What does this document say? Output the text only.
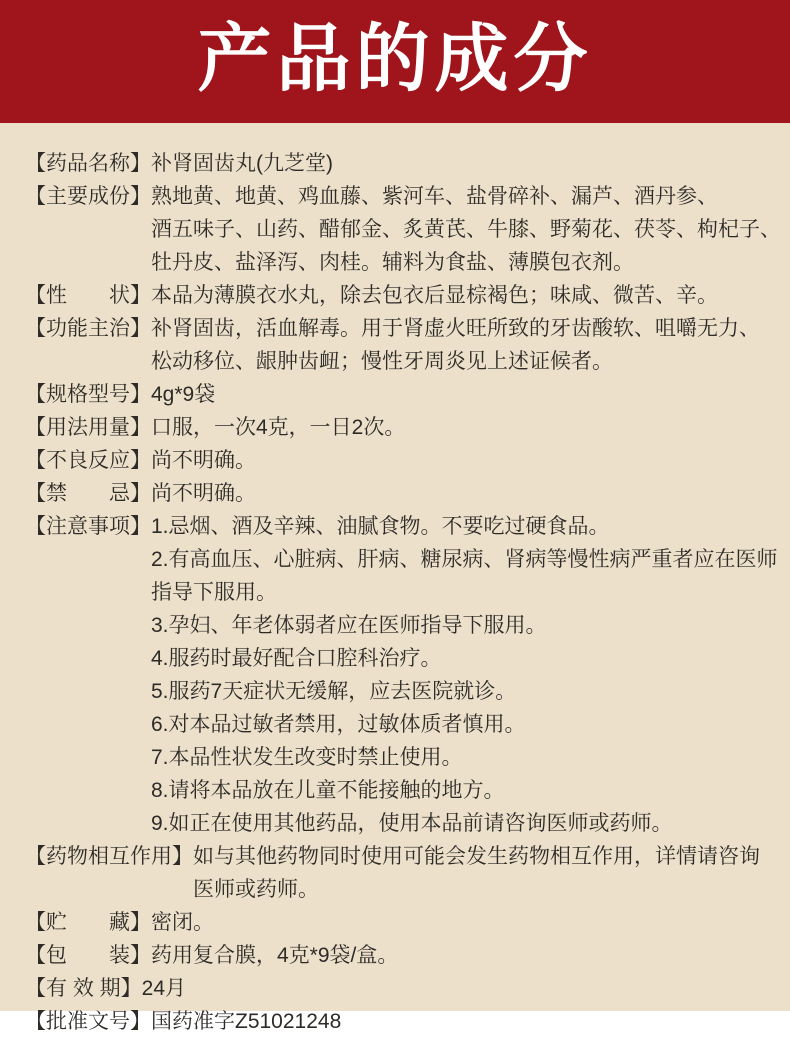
产品的成分
【药品名称】 补肾固齿丸(九芝堂)
【主要成份】 熟地黄、地黄、鸡血藤、紫河车、盐骨碎补、漏芦、酒丹参、
酒五味子、山药、醋郁金、炙黄芪、牛膝、野菊花、茯苓、枸杞子、
牡丹皮、盐泽泻、肉桂。辅料为食盐、薄膜包衣剂。
【性　　状】 本品为薄膜衣水丸，除去包衣后显棕褐色；味咸、微苦、辛。
【功能主治】 补肾固齿，活血解毒。用于肾虚火旺所致的牙齿酸软、咀嚼无力、
松动移位、龈肿齿衄；慢性牙周炎见上述证候者。
【规格型号】 4g*9袋
【用法用量】 口服，一次4克，一日2次。
【不良反应】 尚不明确。
【禁　　忌】 尚不明确。
【注意事项】 1.忌烟、酒及辛辣、油腻食物。不要吃过硬食品。
2.有高血压、心脏病、肝病、糖尿病、肾病等慢性病严重者应在医师
指导下服用。
3.孕妇、年老体弱者应在医师指导下服用。
4.服药时最好配合口腔科治疗。
5.服药7天症状无缓解，应去医院就诊。
6.对本品过敏者禁用，过敏体质者慎用。
7.本品性状发生改变时禁止使用。
8.请将本品放在儿童不能接触的地方。
9.如正在使用其他药品，使用本品前请咨询医师或药师。
【药物相互作用】 如与其他药物同时使用可能会发生药物相互作用，详情请咨询
医师或药师。
【贮　　藏】 密闭。
【包　　装】 药用复合膜，4克*9袋/盒。
【有 效 期】 24月
【批准文号】 国药准字Z51021248
